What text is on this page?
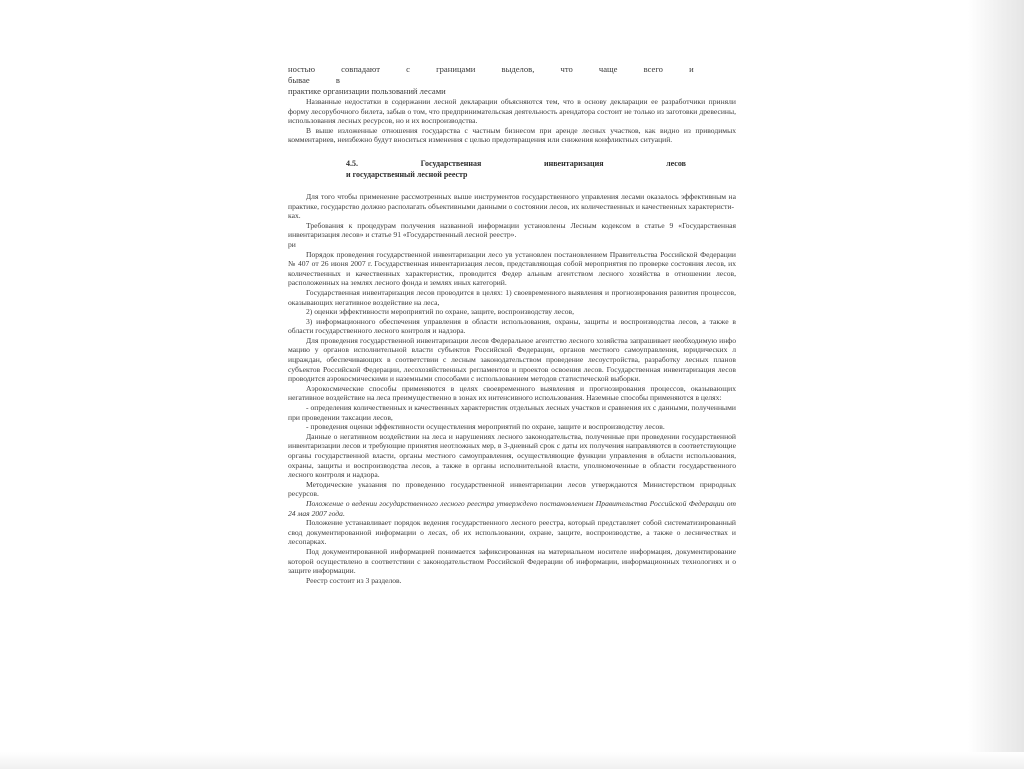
ностью совпадают с границами выделов, что чаще всего и бывае в

практике организации пользований лесами

Названные недостатки в содержании лесной декларации объясняются тем, что в основу декларации ее разработчики приняли форму лесорубочного билета, забыв о том, что предпринимательская деятельность арендатора состоит не только из заготовки древесины, использования лесных ресурсов, но и их воспроизводства.

В выше изложенные отношения государства с частным бизнесом при аренде лесных участков, как видно из приводимых комментариев, неизбежно будут вноситься изменения с целью предотвращения или снижения конфликтных ситуаций.

4.5.	Государственная	инвентаризация	лесов
и государственный лесной реестр

Для того чтобы применение рассмотренных выше инструментов государственного управления лесами оказалось эффективным на практике, государство должно располагать объективными данными о состоянии лесов, их количественных и качественных характеристи-

ках.

Требования к процедурам получения названной информации установлены Лесным кодексом в статье 9 «Государственная инвентаризация лесов» и статье 91 «Государственный лесной реестр».

ри

Порядок проведения государственной инвентаризации лесо ув установлен постановлением Правительства Российской Федерации № 407 от 26 июня 2007 г. Государственная инвентаризация лесов, представляющая собой мероприятия по проверке состояния лесов, их количественных и качественных характеристик, проводится Федер альным агентством лесного хозяйства в отношении лесов, расположенных на землях лесного фонда и землях иных категорий.

Государственная инвентаризация лесов проводится в целях: 1) своевременного выявления и прогнозирования развития процессов, оказывающих негативное воздействие на леса,

2) оценки эффективности мероприятий по охране, защите, воспроизводству лесов,

3) информационного обеспечения управления в области использования, охраны, защиты и воспроизводства лесов, а также в области государственного лесного контроля и надзора.

Для проведения государственной инвентаризации лесов Федеральное агентство лесного хозяйства запрашивает необходимую инфо мацию у органов исполнительной власти субъектов Российской Федерации, органов местного самоуправления, юридических л ицраждан, обеспечивающих в соответствии с лесным законодательством проведение лесоустройства, разработку лесных планов субъектов Российской Федерации, лесохозяйственных регламентов и проектов освоения лесов. Государственная инвентаризация лесов проводится аэрокосмическими и наземными способами с использованием методов статистической выборки.

Аэрокосмические способы применяются в целях своевременного выявления и прогнозирования процессов, оказывающих негативное воздействие на леса преимущественно в зонах их интенсивного использования. Наземные способы применяются в целях:

- определения количественных и качественных характеристик отдельных лесных участков и сравнения их с данными, полученными при проведении таксации лесов,

- проведения оценки эффективности осуществления мероприятий по охране, защите и воспроизводству лесов.

Данные о негативном воздействии на леса и нарушениях лесного законодательства, полученные при проведении государственной инвентаризации лесов и требующие принятия неотложных мер, в 3-дневный срок с даты их получения направляются в соответствующие органы государственной власти, органы местного самоуправления, осуществляющие функции управления в области использования, охраны, защиты и воспроизводства лесов, а также в органы исполнительной власти, уполномоченные в области государственного лесного контроля и надзора.

Методические указания по проведению государственной инвентаризации лесов утверждаются Министерством природных ресурсов.

Положение о ведении государственного лесного реестра утверждено постановлением Правительства Российской Федерации от 24 мая 2007 года.

Положение устанавливает порядок ведения государственного лесного реестра, который представляет собой систематизированный свод документированной информации о лесах, об их использовании, охране, защите, воспроизводстве, а также о лесничествах и лесопарках.

Под документированной информацией понимается зафиксированная на материальном носителе информация, документирование которой осуществлено в соответствии с законодательством Российской Федерации об информации, информационных технологиях и о защите информации.

Реестр состоит из 3 разделов.
